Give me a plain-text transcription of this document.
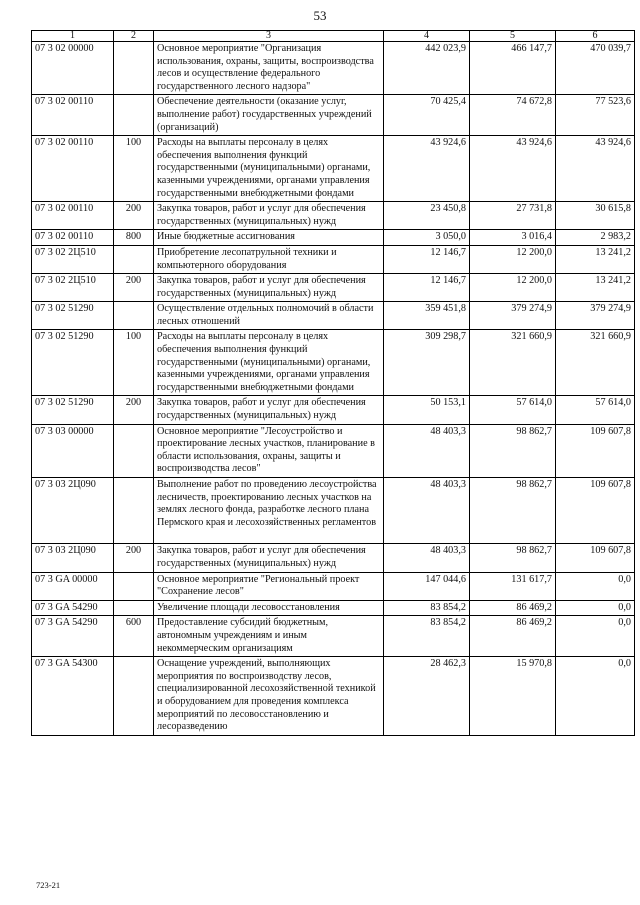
53
1	2	3	4	5	6
07 3 02 00000		Основное мероприятие "Организация использования, охраны, защиты, воспроизводства лесов и осуществление федерального государственного лесного надзора"	442 023,9	466 147,7	470 039,7
07 3 02 00110		Обеспечение деятельности (оказание услуг, выполнение работ) государственных учреждений (организаций)	70 425,4	74 672,8	77 523,6
07 3 02 00110	100	Расходы на выплаты персоналу в целях обеспечения выполнения функций государственными (муниципальными) органами, казенными учреждениями, органами управления государственными внебюджетными фондами	43 924,6	43 924,6	43 924,6
07 3 02 00110	200	Закупка товаров, работ и услуг для обеспечения государственных (муниципальных) нужд	23 450,8	27 731,8	30 615,8
07 3 02 00110	800	Иные бюджетные ассигнования	3 050,0	3 016,4	2 983,2
07 3 02 2Ц510		Приобретение лесопатрульной техники и компьютерного оборудования	12 146,7	12 200,0	13 241,2
07 3 02 2Ц510	200	Закупка товаров, работ и услуг для обеспечения государственных (муниципальных) нужд	12 146,7	12 200,0	13 241,2
07 3 02 51290		Осуществление отдельных полномочий в области лесных отношений	359 451,8	379 274,9	379 274,9
07 3 02 51290	100	Расходы на выплаты персоналу в целях обеспечения выполнения функций государственными (муниципальными) органами, казенными учреждениями, органами управления государственными внебюджетными фондами	309 298,7	321 660,9	321 660,9
07 3 02 51290	200	Закупка товаров, работ и услуг для обеспечения государственных (муниципальных) нужд	50 153,1	57 614,0	57 614,0
07 3 03 00000		Основное мероприятие "Лесоустройство и проектирование лесных участков, планирование в области использования, охраны, защиты и воспроизводства лесов"	48 403,3	98 862,7	109 607,8
07 3 03 2Ц090		Выполнение работ по проведению лесоустройства лесничеств, проектированию лесных участков на землях лесного фонда, разработке лесного плана Пермского края и лесохозяйственных регламентов	48 403,3	98 862,7	109 607,8
07 3 03 2Ц090	200	Закупка товаров, работ и услуг для обеспечения государственных (муниципальных) нужд	48 403,3	98 862,7	109 607,8
07 3 GA 00000		Основное мероприятие "Региональный проект "Сохранение лесов"	147 044,6	131 617,7	0,0
07 3 GA 54290		Увеличение площади лесовосстановления	83 854,2	86 469,2	0,0
07 3 GA 54290	600	Предоставление субсидий бюджетным, автономным учреждениям и иным некоммерческим организациям	83 854,2	86 469,2	0,0
07 3 GA 54300		Оснащение учреждений, выполняющих мероприятия по воспроизводству лесов, специализированной лесохозяйственной техникой и оборудованием для проведения комплекса мероприятий по лесовосстановлению и лесоразведению	28 462,3	15 970,8	0,0
723-21
